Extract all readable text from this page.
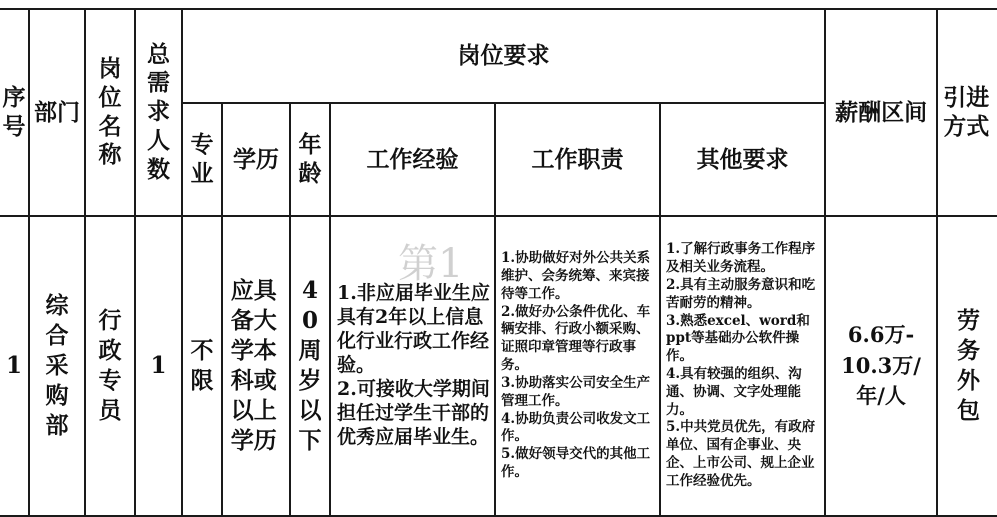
序号	部门	岗位名称	总需求人数	岗位要求						薪酬区间	引进方式
				专业	学历	年龄	工作经验	工作职责	其他要求		
1	综合采购部	行政专员	1	不限	应具备大学本科或以上学历	40周岁以下	1.非应届毕业生应具有2年以上信息化行业行政工作经验。
2.可接收大学期间担任过学生干部的优秀应届毕业生。	1.协助做好对外公共关系维护、会务统筹、来宾接待等工作。
2.做好办公条件优化、车辆安排、行政小额采购、证照印章管理等行政事务。
3.协助落实公司安全生产管理工作。
4.协助负责公司收发文工作。
5.做好领导交代的其他工作。	1.了解行政事务工作程序及相关业务流程。
2.具有主动服务意识和吃苦耐劳的精神。
3.熟悉excel、word和ppt等基础办公软件操作。
4.具有较强的组织、沟通、协调、文字处理能力。
5.中共党员优先，有政府单位、国有企事业、央企、上市公司、规上企业工作经验优先。	6.6万-
10.3万/
年/人	劳务外包
第1
